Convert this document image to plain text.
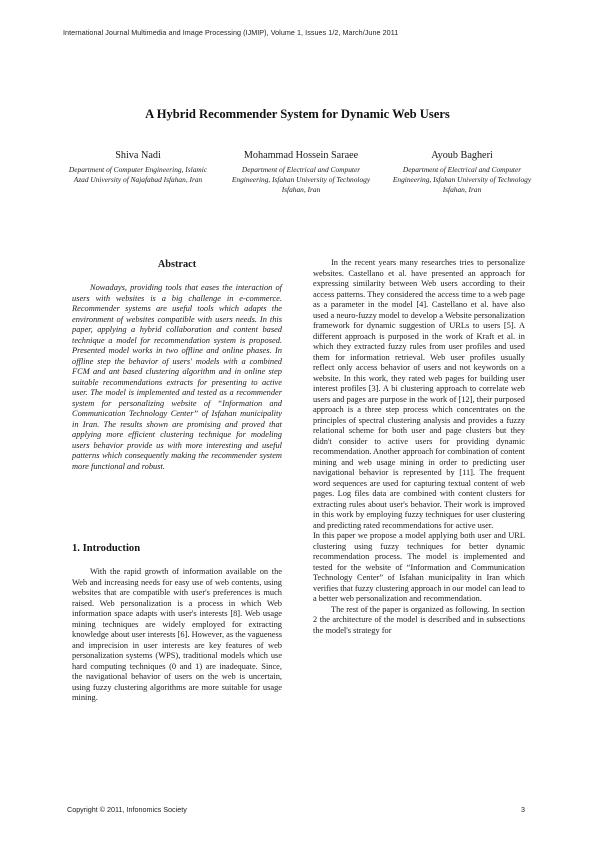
International Journal Multimedia and Image Processing (IJMIP), Volume 1, Issues 1/2, March/June 2011
A Hybrid Recommender System for Dynamic Web Users
Shiva Nadi
Department of Computer Engineering, Islamic Azad University of Najafabad Isfahan, Iran
Mohammad Hossein Saraee
Department of Electrical and Computer Engineering, Isfahan University of Technology Isfahan, Iran
Ayoub Bagheri
Department of Electrical and Computer Engineering, Isfahan University of Technology Isfahan, Iran
Abstract

Nowadays, providing tools that eases the interaction of users with websites is a big challenge in e-commerce. Recommender systems are useful tools which adapts the environment of websites compatible with users needs. In this paper, applying a hybrid collaboration and content based technique a model for recommendation system is proposed. Presented model works in two offline and online phases. In offline step the behavior of users' models with a combined FCM and ant based clustering algorithm and in online step suitable recommendations extracts for presenting to active user. The model is implemented and tested as a recommender system for personalizing website of “Information and Communication Technology Center” of Isfahan municipality in Iran. The results shown are promising and proved that applying more efficient clustering technique for modeling users behavior provide us with more interesting and useful patterns which consequently making the recommender system more functional and robust.

1. Introduction

With the rapid growth of information available on the Web and increasing needs for easy use of web contents, using websites that are compatible with user's preferences is much raised. Web personalization is a process in which Web information space adapts with user's interests [8]. Web usage mining techniques are widely employed for extracting knowledge about user interests [6]. However, as the vagueness and imprecision in user interests are key features of web personalization systems (WPS), traditional models which use hard computing techniques (0 and 1) are inadequate. Since, the navigational behavior of users on the web is uncertain, using fuzzy clustering algorithms are more suitable for usage mining.

In the recent years many researches tries to personalize websites. Castellano et al. have presented an approach for expressing similarity between Web users according to their access patterns. They considered the access time to a web page as a parameter in the model [4]. Castellano et al. have also used a neuro-fuzzy model to develop a Website personalization framework for dynamic suggestion of URLs to users [5]. A different approach is purposed in the work of Kraft et al. in which they extracted fuzzy rules from user profiles and used them for information retrieval. Web user profiles usually reflect only access behavior of users and not keywords on a website. In this work, they rated web pages for building user interest profiles [3]. A bi clustering approach to correlate web users and pages are purpose in the work of [12], their purposed approach is a three step process which concentrates on the principles of spectral clustering analysis and provides a fuzzy relational scheme for both user and page clusters but they didn't consider to active users for providing dynamic recommendation. Another approach for combination of content mining and web usage mining in order to predicting user navigational behavior is represented by [11]. The frequent word sequences are used for capturing textual content of web pages. Log files data are combined with content clusters for extracting rules about user's behavior. Their work is improved in this work by employing fuzzy techniques for user clustering and predicting rated recommendations for active user.

In this paper we propose a model applying both user and URL clustering using fuzzy techniques for better dynamic recommendation process. The model is implemented and tested for the website of “Information and Communication Technology Center” of Isfahan municipality in Iran which verifies that fuzzy clustering approach in our model can lead to a better web personalization and recommendation.

The rest of the paper is organized as following. In section 2 the architecture of the model is described and in subsections the model's strategy for

Copyright © 2011, Infonomics Society	3
